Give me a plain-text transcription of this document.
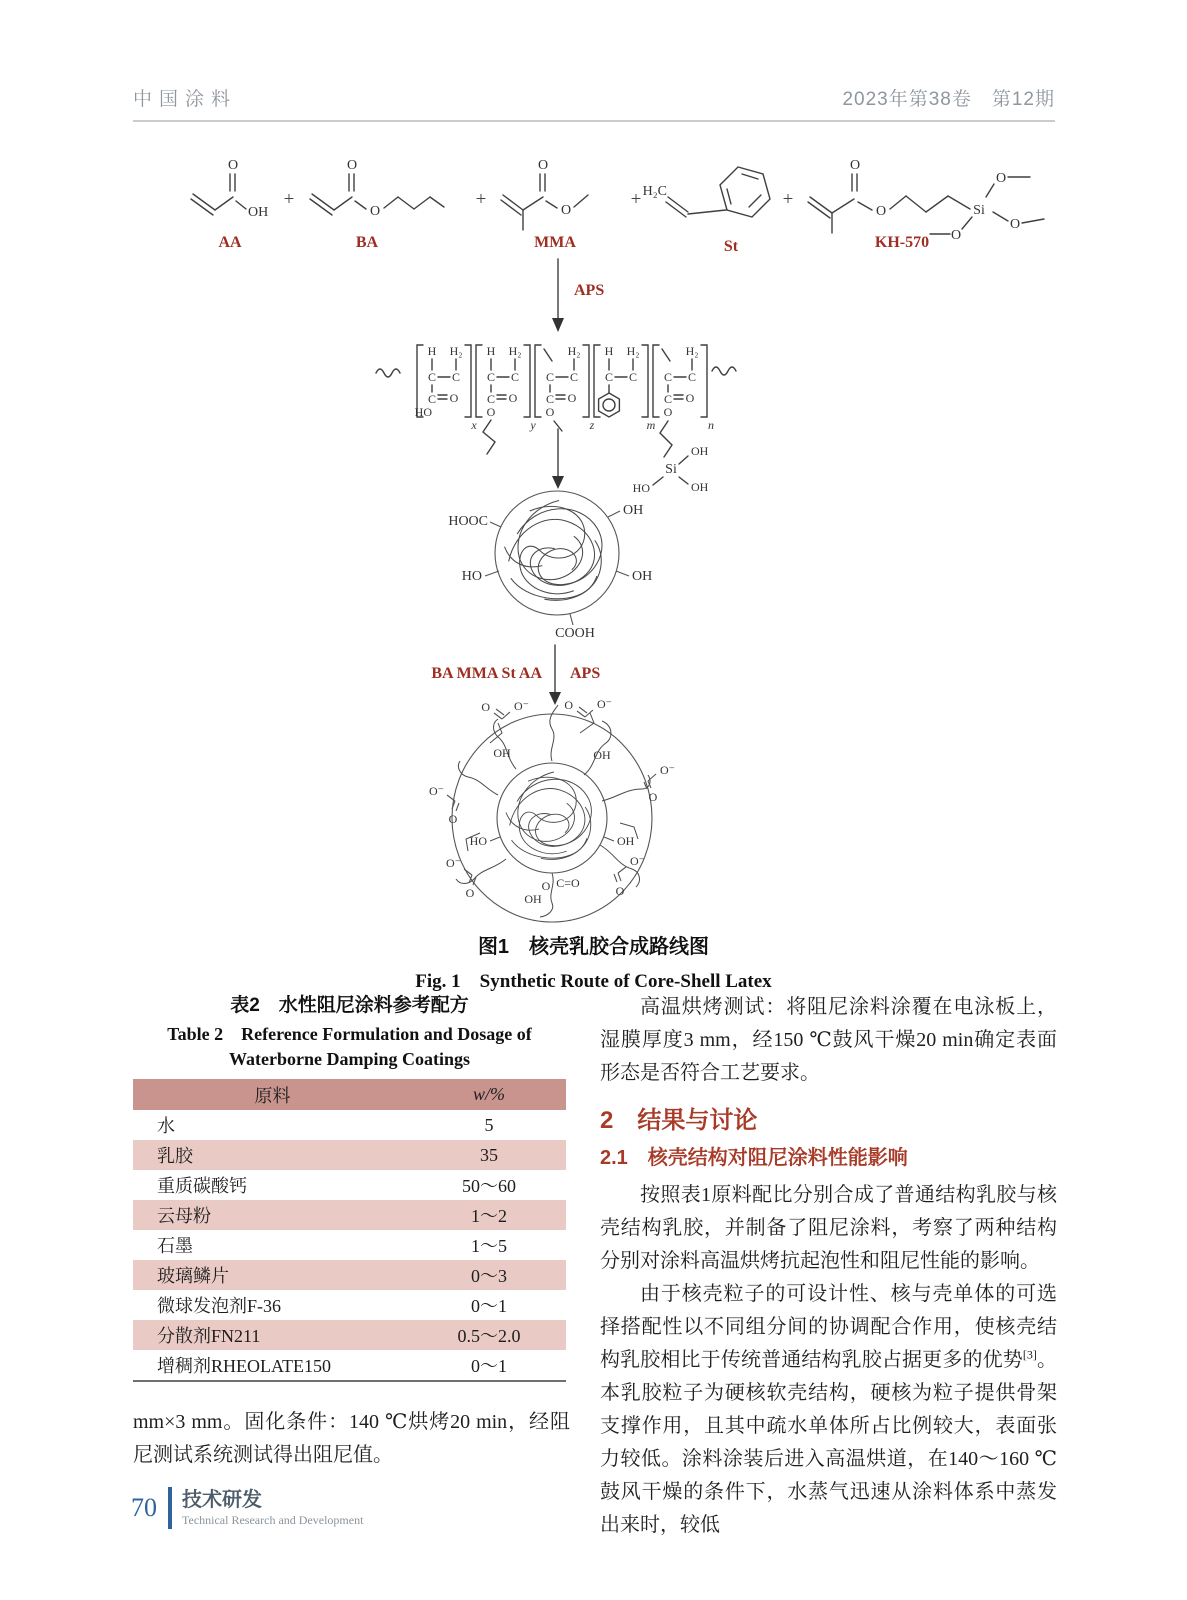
中国涂料	2023年第38卷　第12期
O
OH
AA
+
O
O
BA
+
O
O
MMA
+ H₂C
St
+
O
O	Si
O
O
O
KH-570
APS
H H₂
C C
C O
HO
x
H H₂
C C
C O
O
y
H₂
C C
C O
O
z
H H₂
C C
m
H₂
C C
C O
O
Si
OH
OH
HO
n
HOOC
OH
HO	OH
COOH
BA MMA St AA APS
O⁻
O	O⁻
O
O⁻
O
O⁻
O
O⁻
O
O⁻
O
OH	OH
HO	OH
C=O
O
OH
图1　核壳乳胶合成路线图
Fig. 1　Synthetic Route of Core-Shell Latex
表2　水性阻尼涂料参考配方
Table 2　Reference Formulation and Dosage of
Waterborne Damping Coatings
原料	w/%
水	5
乳胶	35
重质碳酸钙	50～60
云母粉	1～2
石墨	1～5
玻璃鳞片	0～3
微球发泡剂F-36	0～1
分散剂FN211	0.5～2.0
增稠剂RHEOLATE150	0～1
mm×3 mm。固化条件：140 ℃烘烤20 min，经阻尼测试系统测试得出阻尼值。

高温烘烤测试：将阻尼涂料涂覆在电泳板上，湿膜厚度3 mm，经150 ℃鼓风干燥20 min确定表面形态是否符合工艺要求。

2　结果与讨论
2.1　核壳结构对阻尼涂料性能影响

按照表1原料配比分别合成了普通结构乳胶与核壳结构乳胶，并制备了阻尼涂料，考察了两种结构分别对涂料高温烘烤抗起泡性和阻尼性能的影响。

由于核壳粒子的可设计性、核与壳单体的可选择搭配性以不同组分间的协调配合作用，使核壳结构乳胶相比于传统普通结构乳胶占据更多的优势[3]。本乳胶粒子为硬核软壳结构，硬核为粒子提供骨架支撑作用，且其中疏水单体所占比例较大，表面张力较低。涂料涂装后进入高温烘道，在140～160 ℃鼓风干燥的条件下，水蒸气迅速从涂料体系中蒸发出来时，较低

70 技术研发
Technical Research and Development
